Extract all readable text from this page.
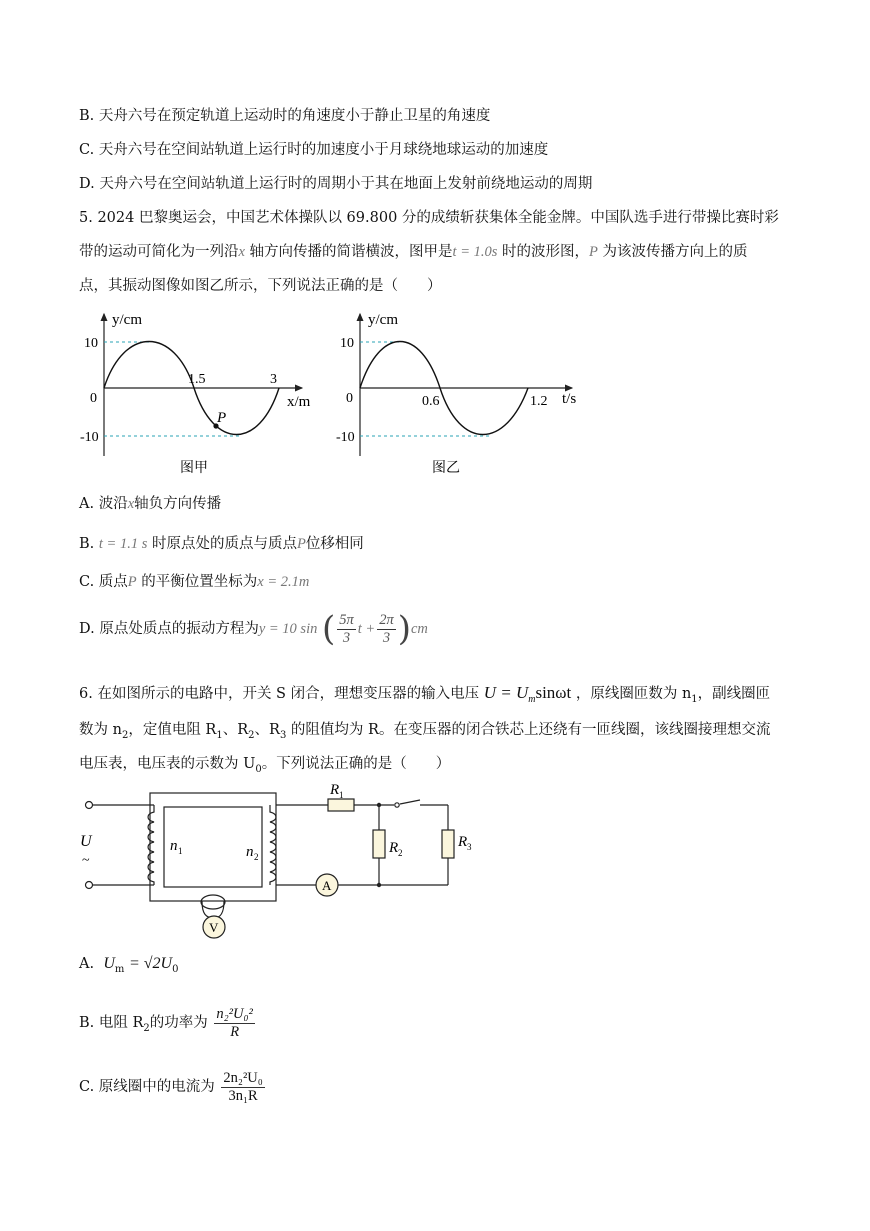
B. 天舟六号在预定轨道上运动时的角速度小于静止卫星的角速度
C. 天舟六号在空间站轨道上运行时的加速度小于月球绕地球运动的加速度
D. 天舟六号在空间站轨道上运行时的周期小于其在地面上发射前绕地运动的周期
5. 2024 巴黎奥运会，中国艺术体操队以 69.800 分的成绩斩获集体全能金牌。中国队选手进行带操比赛时彩
带的运动可简化为一列沿x 轴方向传播的简谐横波，图甲是t = 1.0s 时的波形图，P 为该波传播方向上的质
点，其振动图像如图乙所示，下列说法正确的是（　　）
P
y/cm
x/m
0
10
-10
1.5	3
图甲
y/cm
t/s
0
10
-10
0.6	1.2
图乙
A. 波沿x轴负方向传播
B. t = 1.1 s 时原点处的质点与质点P位移相同
C. 质点P 的平衡位置坐标为x = 2.1m
D. 原点处质点的振动方程为y = 10 sin ( $\frac{5\pi}{3}$ $t + \frac{2\pi}{3} )cm$
6. 在如图所示的电路中，开关 S 闭合，理想变压器的输入电压 $U = U_m\sin\omega t$ ，原线圈匝数为 $n_1$，副线圈匝
数为 $n_2$，定值电阻 $R_1$、$R_2$、$R_3$ 的阻值均为 R。在变压器的闭合铁芯上还绕有一匝线圈，该线圈接理想交流
电压表，电压表的示数为 $U_0$。下列说法正确的是（　　）
U
~
n 1	n 2
R 1
R 2
R 3
A
V
A. $U_m = √2U_0$
B. 电阻 $R_2$的功率为 $\frac{\text{n₂²U₀²}}{R}$
C. 原线圈中的电流为 $\frac{\text{2n₂²U₀}}{\text{3n₁R}}$
